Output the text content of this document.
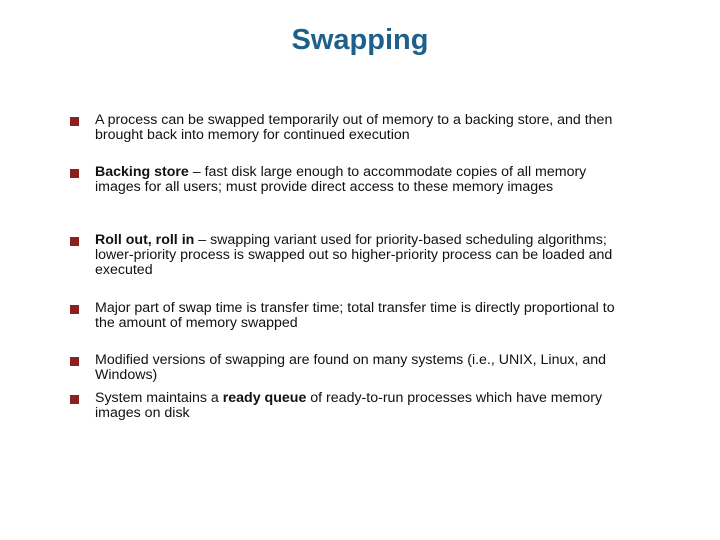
Swapping
A process can be swapped temporarily out of memory to a backing store, and then brought back into memory for continued execution
Backing store – fast disk large enough to accommodate copies of all memory images for all users; must provide direct access to these memory images
Roll out, roll in – swapping variant used for priority-based scheduling algorithms; lower-priority process is swapped out so higher-priority process can be loaded and executed
Major part of swap time is transfer time; total transfer time is directly proportional to the amount of memory swapped
Modified versions of swapping are found on many systems (i.e., UNIX, Linux, and Windows)
System maintains a ready queue of ready-to-run processes which have memory images on disk
